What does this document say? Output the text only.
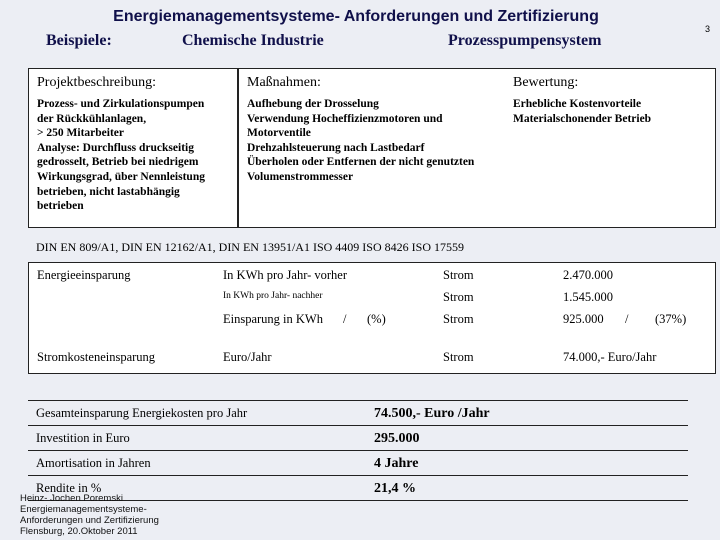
Energiemanagementsysteme- Anforderungen und Zertifizierung
3
Beispiele:	Chemische Industrie	Prozesspumpensystem
Projektbeschreibung:
Prozess- und Zirkulationspumpen
der Rückkühlanlagen,
> 250 Mitarbeiter
Analyse: Durchfluss druckseitig
gedrosselt, Betrieb bei niedrigem
Wirkungsgrad, über Nennleistung
betrieben, nicht lastabhängig
betrieben
Maßnahmen:
Aufhebung der Drosselung
Verwendung Hocheffizienzmotoren und
Motorventile
Drehzahlsteuerung nach Lastbedarf
Überholen oder Entfernen der nicht genutzten
Volumenstrommesser
Bewertung:
Erhebliche Kostenvorteile
Materialschonender Betrieb
DIN EN 809/A1, DIN EN 12162/A1, DIN EN 13951/A1 ISO 4409 ISO 8426 ISO 17559
Energieeinsparung	In KWh pro Jahr- vorher	Strom	2.470.000
In KWh pro Jahr- nachher	Strom	1.545.000
Einsparung in KWh / (%)	Strom	925.000 / (37%)
Stromkosteneinsparung	Euro/Jahr	Strom	74.000,- Euro/Jahr
Gesamteinsparung Energiekosten pro Jahr	74.500,- Euro /Jahr
Investition in Euro	295.000
Amortisation in Jahren	4 Jahre
Rendite in %	21,4 %
Heinz- Jochen Poremski
Energiemanagementsysteme-
Anforderungen und Zertifizierung
Flensburg, 20.Oktober 2011
